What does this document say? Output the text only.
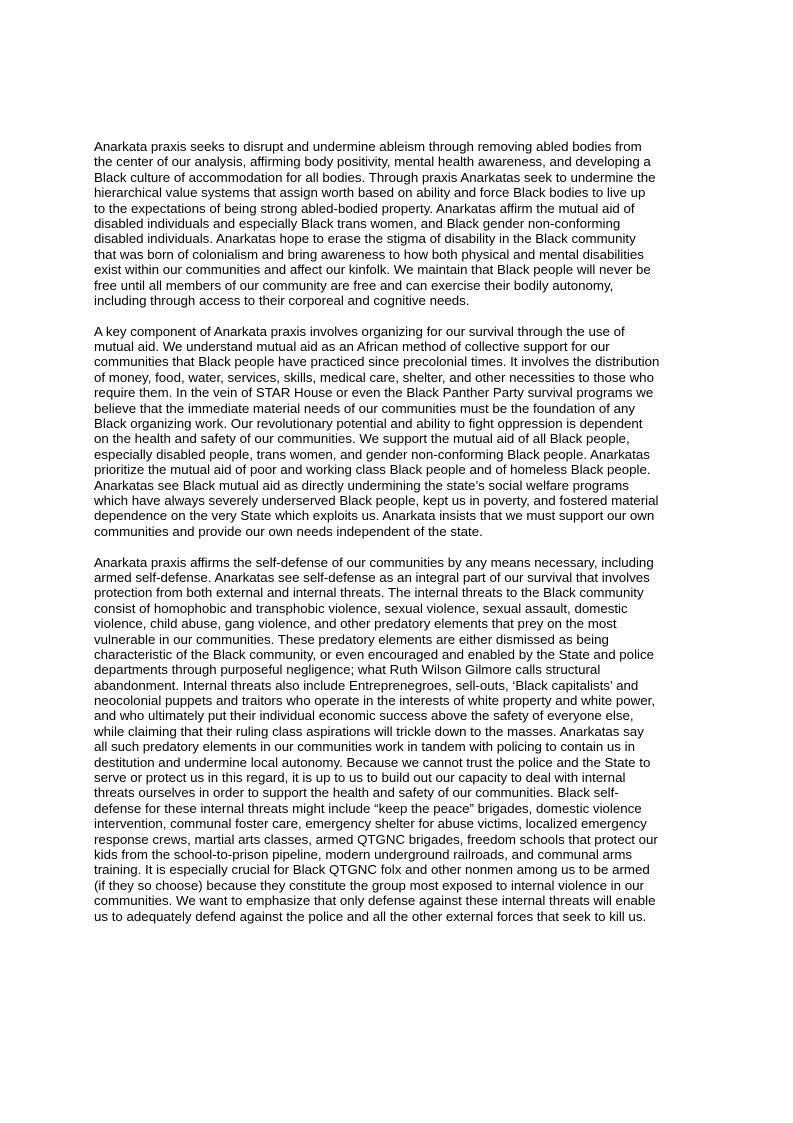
Anarkata praxis seeks to disrupt and undermine ableism through removing abled bodies from
the center of our analysis, affirming body positivity, mental health awareness, and developing a
Black culture of accommodation for all bodies. Through praxis Anarkatas seek to undermine the
hierarchical value systems that assign worth based on ability and force Black bodies to live up
to the expectations of being strong abled-bodied property. Anarkatas affirm the mutual aid of
disabled individuals and especially Black trans women, and Black gender non-conforming
disabled individuals. Anarkatas hope to erase the stigma of disability in the Black community
that was born of colonialism and bring awareness to how both physical and mental disabilities
exist within our communities and affect our kinfolk. We maintain that Black people will never be
free until all members of our community are free and can exercise their bodily autonomy,
including through access to their corporeal and cognitive needs.
A key component of Anarkata praxis involves organizing for our survival through the use of
mutual aid. We understand mutual aid as an African method of collective support for our
communities that Black people have practiced since precolonial times. It involves the distribution
of money, food, water, services, skills, medical care, shelter, and other necessities to those who
require them. In the vein of STAR House or even the Black Panther Party survival programs we
believe that the immediate material needs of our communities must be the foundation of any
Black organizing work. Our revolutionary potential and ability to fight oppression is dependent
on the health and safety of our communities. We support the mutual aid of all Black people,
especially disabled people, trans women, and gender non-conforming Black people. Anarkatas
prioritize the mutual aid of poor and working class Black people and of homeless Black people.
Anarkatas see Black mutual aid as directly undermining the state’s social welfare programs
which have always severely underserved Black people, kept us in poverty, and fostered material
dependence on the very State which exploits us. Anarkata insists that we must support our own
communities and provide our own needs independent of the state.
Anarkata praxis affirms the self-defense of our communities by any means necessary, including
armed self-defense. Anarkatas see self-defense as an integral part of our survival that involves
protection from both external and internal threats. The internal threats to the Black community
consist of homophobic and transphobic violence, sexual violence, sexual assault, domestic
violence, child abuse, gang violence, and other predatory elements that prey on the most
vulnerable in our communities. These predatory elements are either dismissed as being
characteristic of the Black community, or even encouraged and enabled by the State and police
departments through purposeful negligence; what Ruth Wilson Gilmore calls structural
abandonment. Internal threats also include Entreprenegroes, sell-outs, ‘Black capitalists’ and
neocolonial puppets and traitors who operate in the interests of white property and white power,
and who ultimately put their individual economic success above the safety of everyone else,
while claiming that their ruling class aspirations will trickle down to the masses. Anarkatas say
all such predatory elements in our communities work in tandem with policing to contain us in
destitution and undermine local autonomy. Because we cannot trust the police and the State to
serve or protect us in this regard, it is up to us to build out our capacity to deal with internal
threats ourselves in order to support the health and safety of our communities. Black self-
defense for these internal threats might include “keep the peace” brigades, domestic violence
intervention, communal foster care, emergency shelter for abuse victims, localized emergency
response crews, martial arts classes, armed QTGNC brigades, freedom schools that protect our
kids from the school-to-prison pipeline, modern underground railroads, and communal arms
training. It is especially crucial for Black QTGNC folx and other nonmen among us to be armed
(if they so choose) because they constitute the group most exposed to internal violence in our
communities. We want to emphasize that only defense against these internal threats will enable
us to adequately defend against the police and all the other external forces that seek to kill us.
